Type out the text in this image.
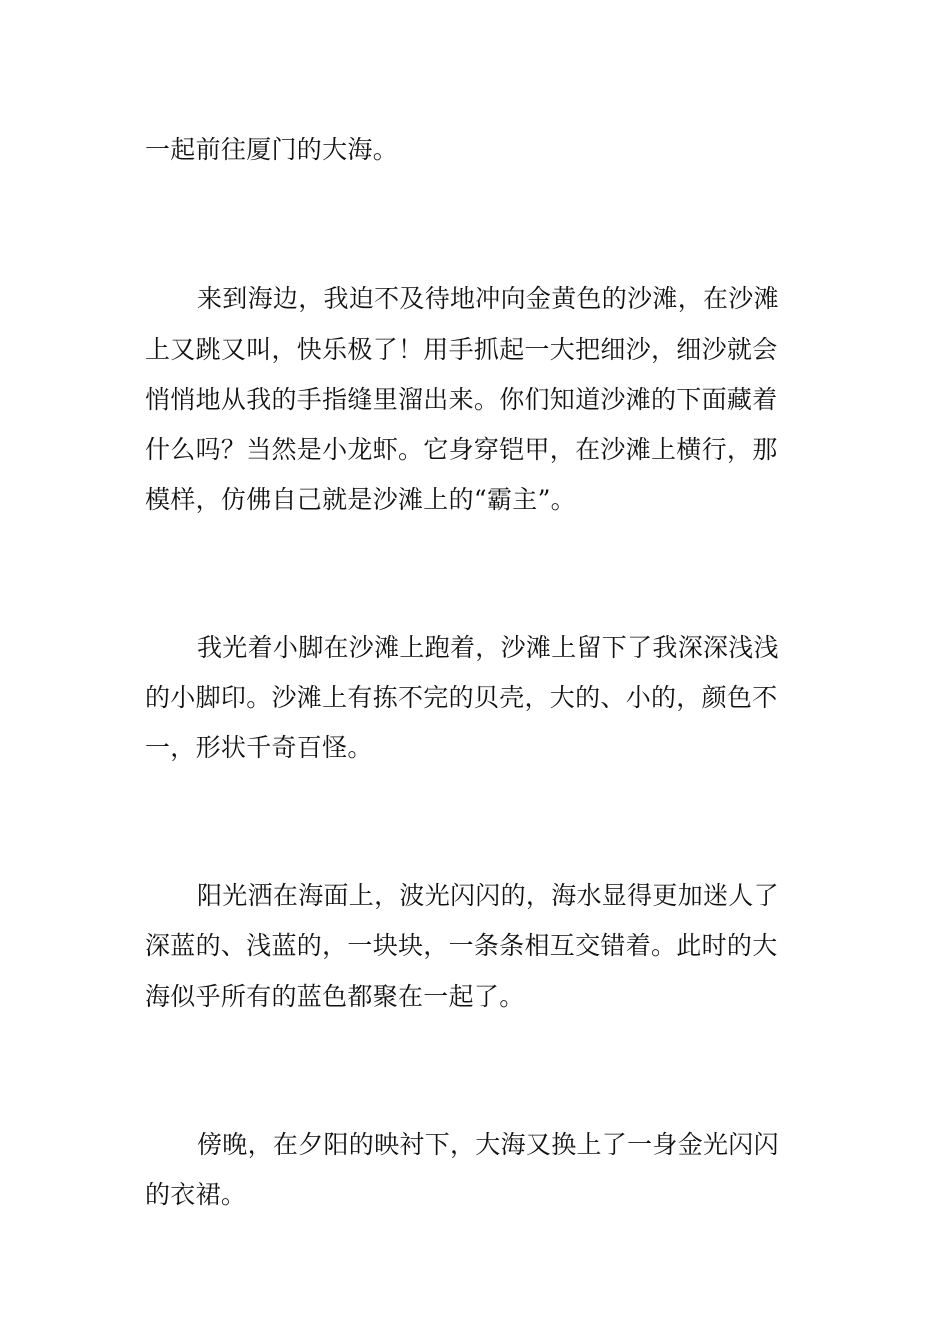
一起前往厦门的大海。
来到海边，我迫不及待地冲向金黄色的沙滩，在沙滩
上又跳又叫，快乐极了！用手抓起一大把细沙，细沙就会
悄悄地从我的手指缝里溜出来。你们知道沙滩的下面藏着
什么吗？当然是小龙虾。它身穿铠甲，在沙滩上横行，那
模样，仿佛自己就是沙滩上的“霸主”。
我光着小脚在沙滩上跑着，沙滩上留下了我深深浅浅
的小脚印。沙滩上有拣不完的贝壳，大的、小的，颜色不
一，形状千奇百怪。
阳光洒在海面上，波光闪闪的，海水显得更加迷人了
深蓝的、浅蓝的，一块块，一条条相互交错着。此时的大
海似乎所有的蓝色都聚在一起了。
傍晚，在夕阳的映衬下，大海又换上了一身金光闪闪
的衣裙。
